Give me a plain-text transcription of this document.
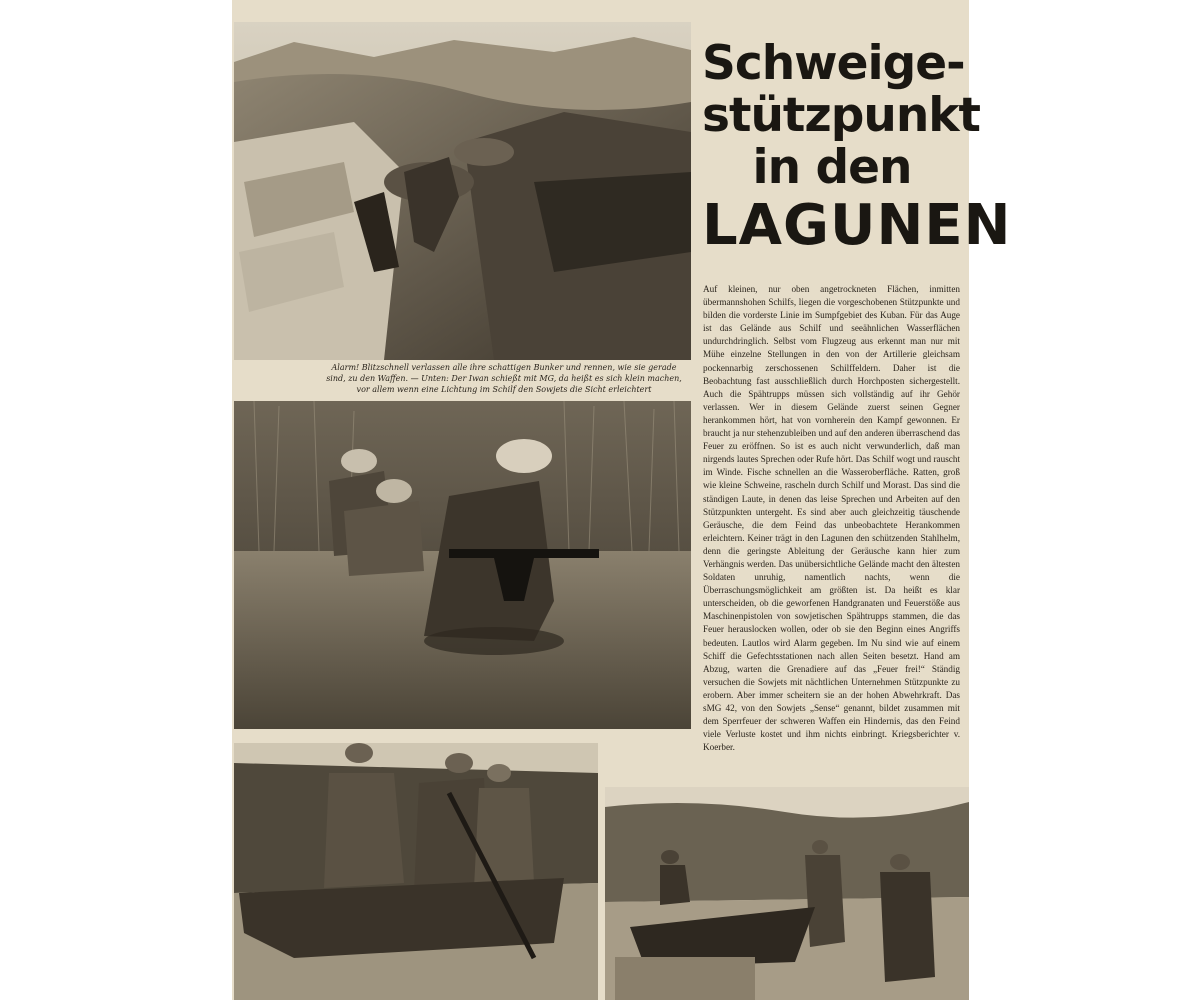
Alarm! Blitzschnell verlassen alle ihre schattigen Bunker und rennen, wie sie gerade sind, zu den Waffen. — Unten: Der Iwan schießt mit MG, da heißt es sich klein machen, vor allem wenn eine Lichtung im Schilf den Sowjets die Sicht erleichtert
Schweige-
stützpunkt
in den
LAGUNEN
Auf kleinen, nur oben angetrockneten Flächen, inmitten übermannshohen Schilfs, liegen die vorgeschobenen Stützpunkte und bilden die vorderste Linie im Sumpfgebiet des Kuban. Für das Auge ist das Gelände aus Schilf und seeähnlichen Wasserflächen undurchdringlich. Selbst vom Flugzeug aus erkennt man nur mit Mühe einzelne Stellungen in den von der Artillerie gleichsam pockennarbig zerschossenen Schilffeldern. Daher ist die Beobachtung fast ausschließlich durch Horchposten sichergestellt. Auch die Spähtrupps müssen sich vollständig auf ihr Gehör verlassen. Wer in diesem Gelände zuerst seinen Gegner herankommen hört, hat von vornherein den Kampf gewonnen. Er braucht ja nur stehenzubleiben und auf den anderen überraschend das Feuer zu eröffnen. So ist es auch nicht verwunderlich, daß man nirgends lautes Sprechen oder Rufe hört. Das Schilf wogt und rauscht im Winde. Fische schnellen an die Wasseroberfläche. Ratten, groß wie kleine Schweine, rascheln durch Schilf und Morast. Das sind die ständigen Laute, in denen das leise Sprechen und Arbeiten auf den Stützpunkten untergeht. Es sind aber auch gleichzeitig täuschende Geräusche, die dem Feind das unbeobachtete Herankommen erleichtern. Keiner trägt in den Lagunen den schützenden Stahlhelm, denn die geringste Ableitung der Geräusche kann hier zum Verhängnis werden. Das unübersichtliche Gelände macht den ältesten Soldaten unruhig, namentlich nachts, wenn die Überraschungsmöglichkeit am größten ist. Da heißt es klar unterscheiden, ob die geworfenen Handgranaten und Feuerstöße aus Maschinenpistolen von sowjetischen Spähtrupps stammen, die das Feuer herauslocken wollen, oder ob sie den Beginn eines Angriffs bedeuten. Lautlos wird Alarm gegeben. Im Nu sind wie auf einem Schiff die Gefechtsstationen nach allen Seiten besetzt. Hand am Abzug, warten die Grenadiere auf das „Feuer frei!“ Ständig versuchen die Sowjets mit nächtlichen Unternehmen Stützpunkte zu erobern. Aber immer scheitern sie an der hohen Abwehrkraft. Das sMG 42, von den Sowjets „Sense“ genannt, bildet zusammen mit dem Sperrfeuer der schweren Waffen ein Hindernis, das den Feind viele Verluste kostet und ihm nichts einbringt. Kriegsberichter v. Koerber.
